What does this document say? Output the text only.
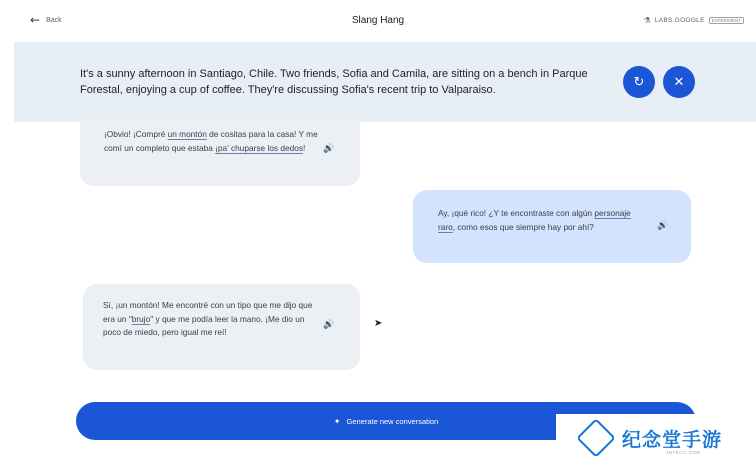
← Back	Slang Hang	⚗ LABS.GOOGLE	EXPERIMENT

It's a sunny afternoon in Santiago, Chile. Two friends, Sofia and Camila, are sitting on a bench in Parque Forestal, enjoying a cup of coffee. They're discussing Sofia's recent trip to Valparaiso.

↻ ✕
¡Obvio! ¡Compré un montón de cositas para la casa! Y me comí un completo que estaba ¡pa' chuparse los dedos!	🔊
Ay, ¡qué rico! ¿Y te encontraste con algún personaje raro, como esos que siempre hay por ahí?	🔊
Sí, ¡un montón! Me encontré con un tipo que me dijo que era un "brujo" y que me podía leer la mano. ¡Me dio un poco de miedo, pero igual me reí!
🔊	➤
✦ Generate new conversation
纪念堂手游
JNTECC.COM
